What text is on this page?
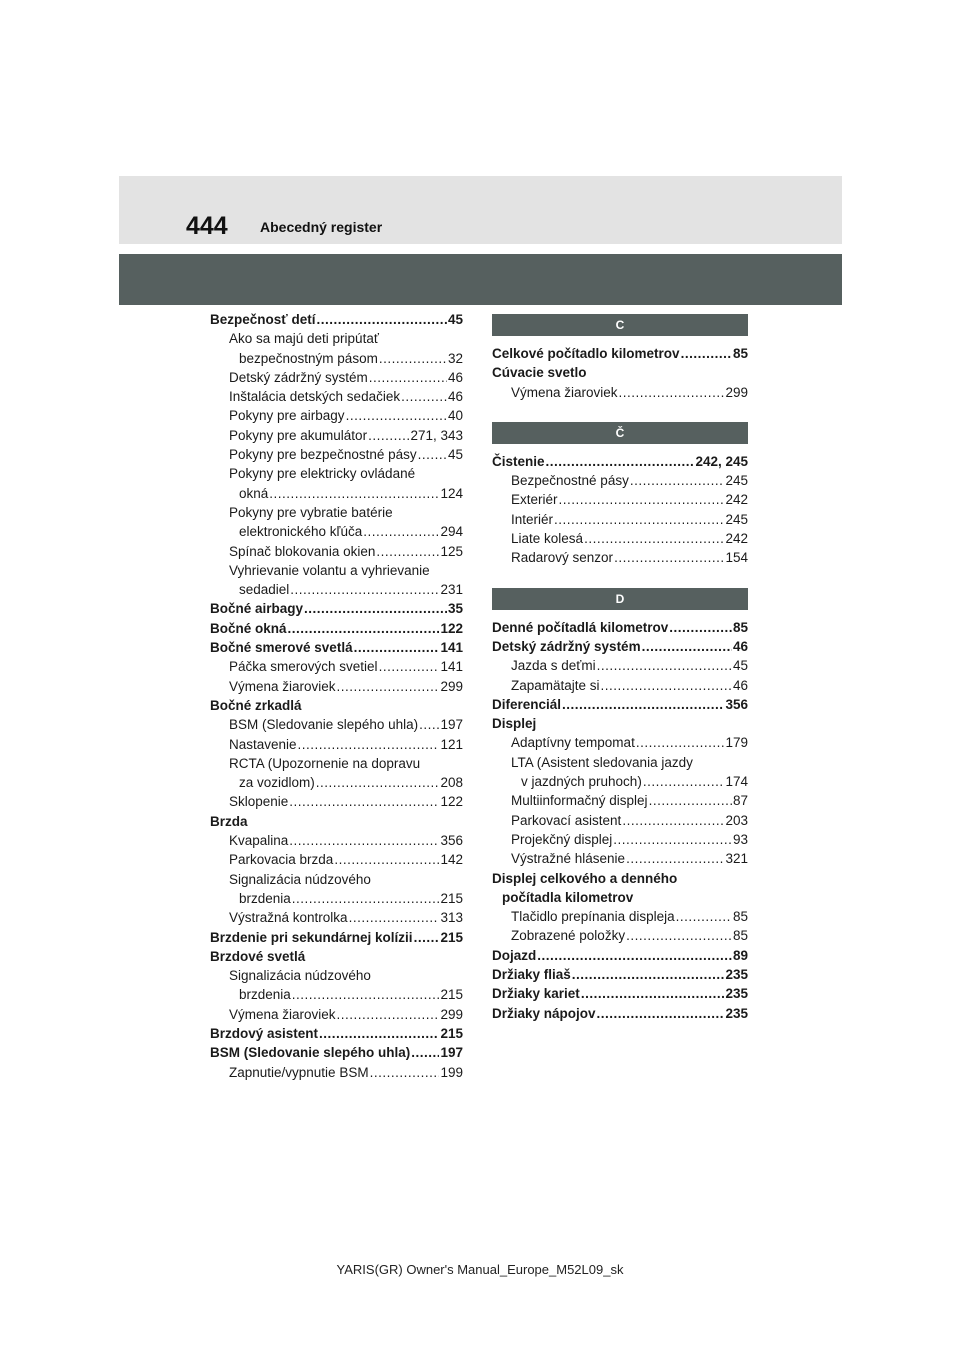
444 Abecedný register
Bezpečnosť detí .....	45
Ako sa majú deti pripútať
bezpečnostným pásom .....	32
Detský zádržný systém .....	46
Inštalácia detských sedačiek .....	46
Pokyny pre airbagy .....	40
Pokyny pre akumulátor .....	271, 343
Pokyny pre bezpečnostné pásy ..... 45
Pokyny pre elektricky ovládané
okná .....	124
Pokyny pre vybratie batérie
elektronického kľúča .....	294
Spínač blokovania okien .....	125
Vyhrievanie volantu a vyhrievanie
sedadiel .....	231
Bočné airbagy .....	35
Bočné okná .....	122
Bočné smerové svetlá .....	141
Páčka smerových svetiel .....	141
Výmena žiaroviek .....	299
Bočné zrkadlá
BSM (Sledovanie slepého uhla) ..... 197
Nastavenie .....	121
RCTA (Upozornenie na dopravu
za vozidlom) .....	208
Sklopenie .....	122
Brzda
Kvapalina .....	356
Parkovacia brzda .....	142
Signalizácia núdzového
brzdenia .....	215
Výstražná kontrolka .....	313
Brzdenie pri sekundárnej kolízii ..... 215
Brzdové svetlá
Signalizácia núdzového
brzdenia .....	215
Výmena žiaroviek .....	299
Brzdový asistent .....	215
BSM (Sledovanie slepého uhla) ..... 197
Zapnutie/vypnutie BSM .....	199
C
Celkové počítadlo kilometrov .....	85
Cúvacie svetlo
Výmena žiaroviek .....	299
Č
Čistenie .....	242, 245
Bezpečnostné pásy .....	245
Exteriér .....	242
Interiér .....	245
Liate kolesá .....	242
Radarový senzor .....	154
D
Denné počítadlá kilometrov .....	85
Detský zádržný systém .....	46
Jazda s deťmi .....	45
Zapamätajte si .....	46
Diferenciál .....	356
Displej
Adaptívny tempomat .....	179
LTA (Asistent sledovania jazdy
v jazdných pruhoch) .....	174
Multiinformačný displej .....	87
Parkovací asistent .....	203
Projekčný displej .....	93
Výstražné hlásenie .....	321
Displej celkového a denného
počítadla kilometrov
Tlačidlo prepínania displeja .....	85
Zobrazené položky .....	85
Dojazd .....	89
Držiaky fliaš .....	235
Držiaky kariet .....	235
Držiaky nápojov .....	235
YARIS(GR) Owner's Manual_Europe_M52L09_sk
